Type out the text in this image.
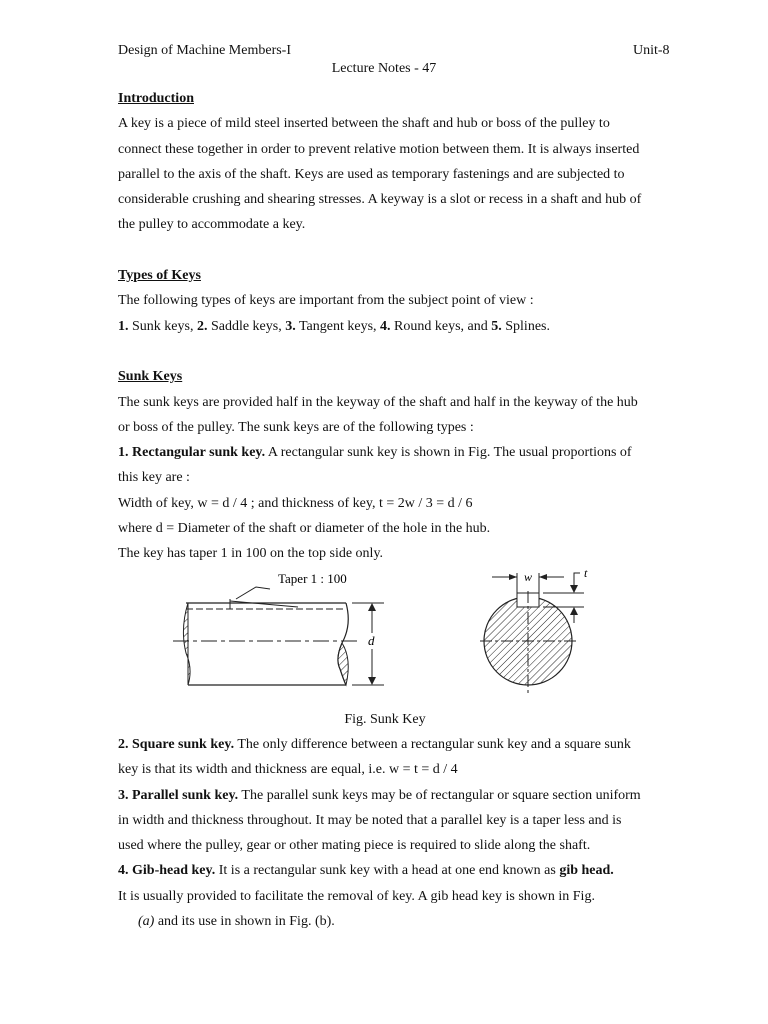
Design of Machine Members-I	Unit-8
Lecture Notes - 47

Introduction

A key is a piece of mild steel inserted between the shaft and hub or boss of the pulley to

connect these together in order to prevent relative motion between them. It is always inserted

parallel to the axis of the shaft. Keys are used as temporary fastenings and are subjected to

considerable crushing and shearing stresses. A keyway is a slot or recess in a shaft and hub of

the pulley to accommodate a key.

Types of Keys

The following types of keys are important from the subject point of view :

1. Sunk keys, 2. Saddle keys, 3. Tangent keys, 4. Round keys, and 5. Splines.

Sunk Keys

The sunk keys are provided half in the keyway of the shaft and half in the keyway of the hub

or boss of the pulley. The sunk keys are of the following types :

1. Rectangular sunk key. A rectangular sunk key is shown in Fig. The usual proportions of

this key are :

Width of key, w = d / 4 ; and thickness of key, t = 2w / 3 = d / 6

where d = Diameter of the shaft or diameter of the hole in the hub.

The key has taper 1 in 100 on the top side only.

Taper 1 : 100
d
w	t

Fig. Sunk Key

2. Square sunk key. The only difference between a rectangular sunk key and a square sunk

key is that its width and thickness are equal, i.e. w = t = d / 4

3. Parallel sunk key. The parallel sunk keys may be of rectangular or square section uniform

in width and thickness throughout. It may be noted that a parallel key is a taper less and is

used where the pulley, gear or other mating piece is required to slide along the shaft.

4. Gib-head key. It is a rectangular sunk key with a head at one end known as gib head.

It is usually provided to facilitate the removal of key. A gib head key is shown in Fig.

(a) and its use in shown in Fig. (b).
